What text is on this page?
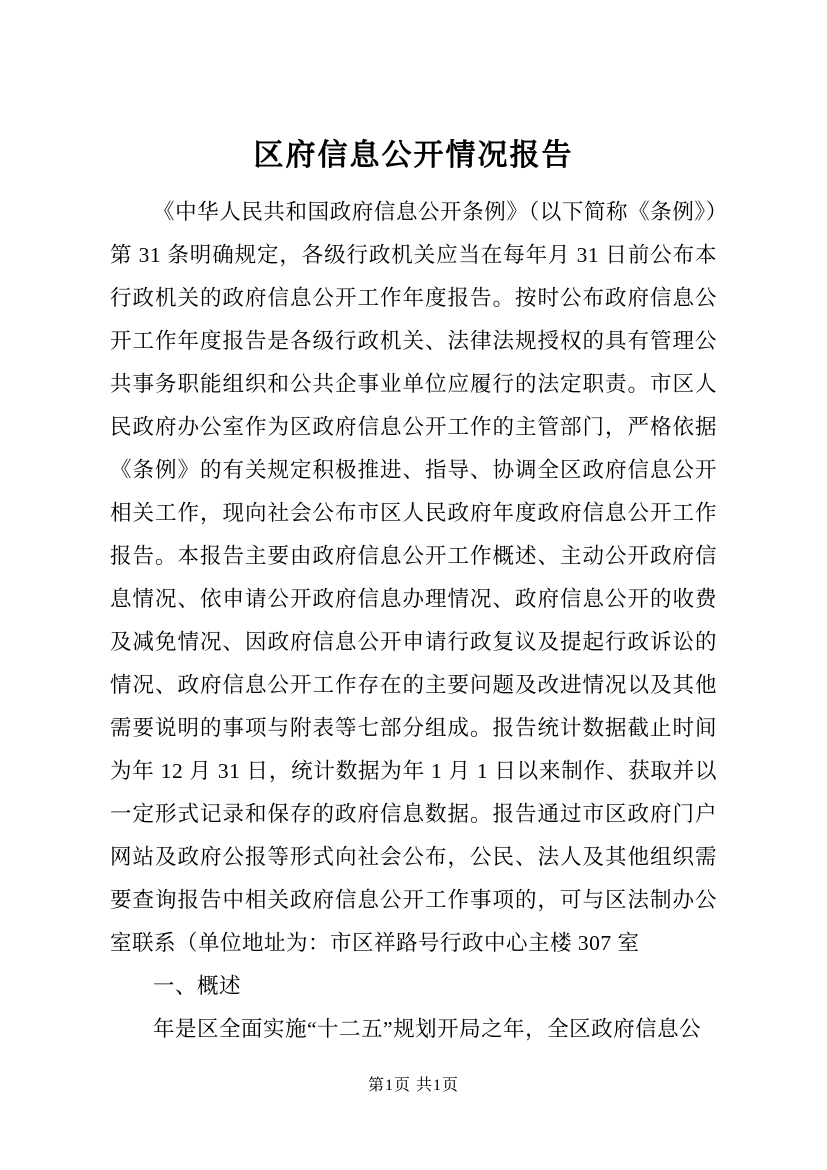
区府信息公开情况报告

《中华人民共和国政府信息公开条例》（以下简称《条例》）第 31 条明确规定，各级行政机关应当在每年月 31 日前公布本行政机关的政府信息公开工作年度报告。按时公布政府信息公开工作年度报告是各级行政机关、法律法规授权的具有管理公共事务职能组织和公共企事业单位应履行的法定职责。市区人民政府办公室作为区政府信息公开工作的主管部门，严格依据《条例》的有关规定积极推进、指导、协调全区政府信息公开相关工作，现向社会公布市区人民政府年度政府信息公开工作报告。本报告主要由政府信息公开工作概述、主动公开政府信息情况、依申请公开政府信息办理情况、政府信息公开的收费及减免情况、因政府信息公开申请行政复议及提起行政诉讼的情况、政府信息公开工作存在的主要问题及改进情况以及其他需要说明的事项与附表等七部分组成。报告统计数据截止时间为年 12 月 31 日，统计数据为年 1 月 1 日以来制作、获取并以一定形式记录和保存的政府信息数据。报告通过市区政府门户网站及政府公报等形式向社会公布，公民、法人及其他组织需要查询报告中相关政府信息公开工作事项的，可与区法制办公室联系（单位地址为：市区祥路号行政中心主楼 307 室

一、概述

年是区全面实施“十二五”规划开局之年，全区政府信息公

第1页 共1页
